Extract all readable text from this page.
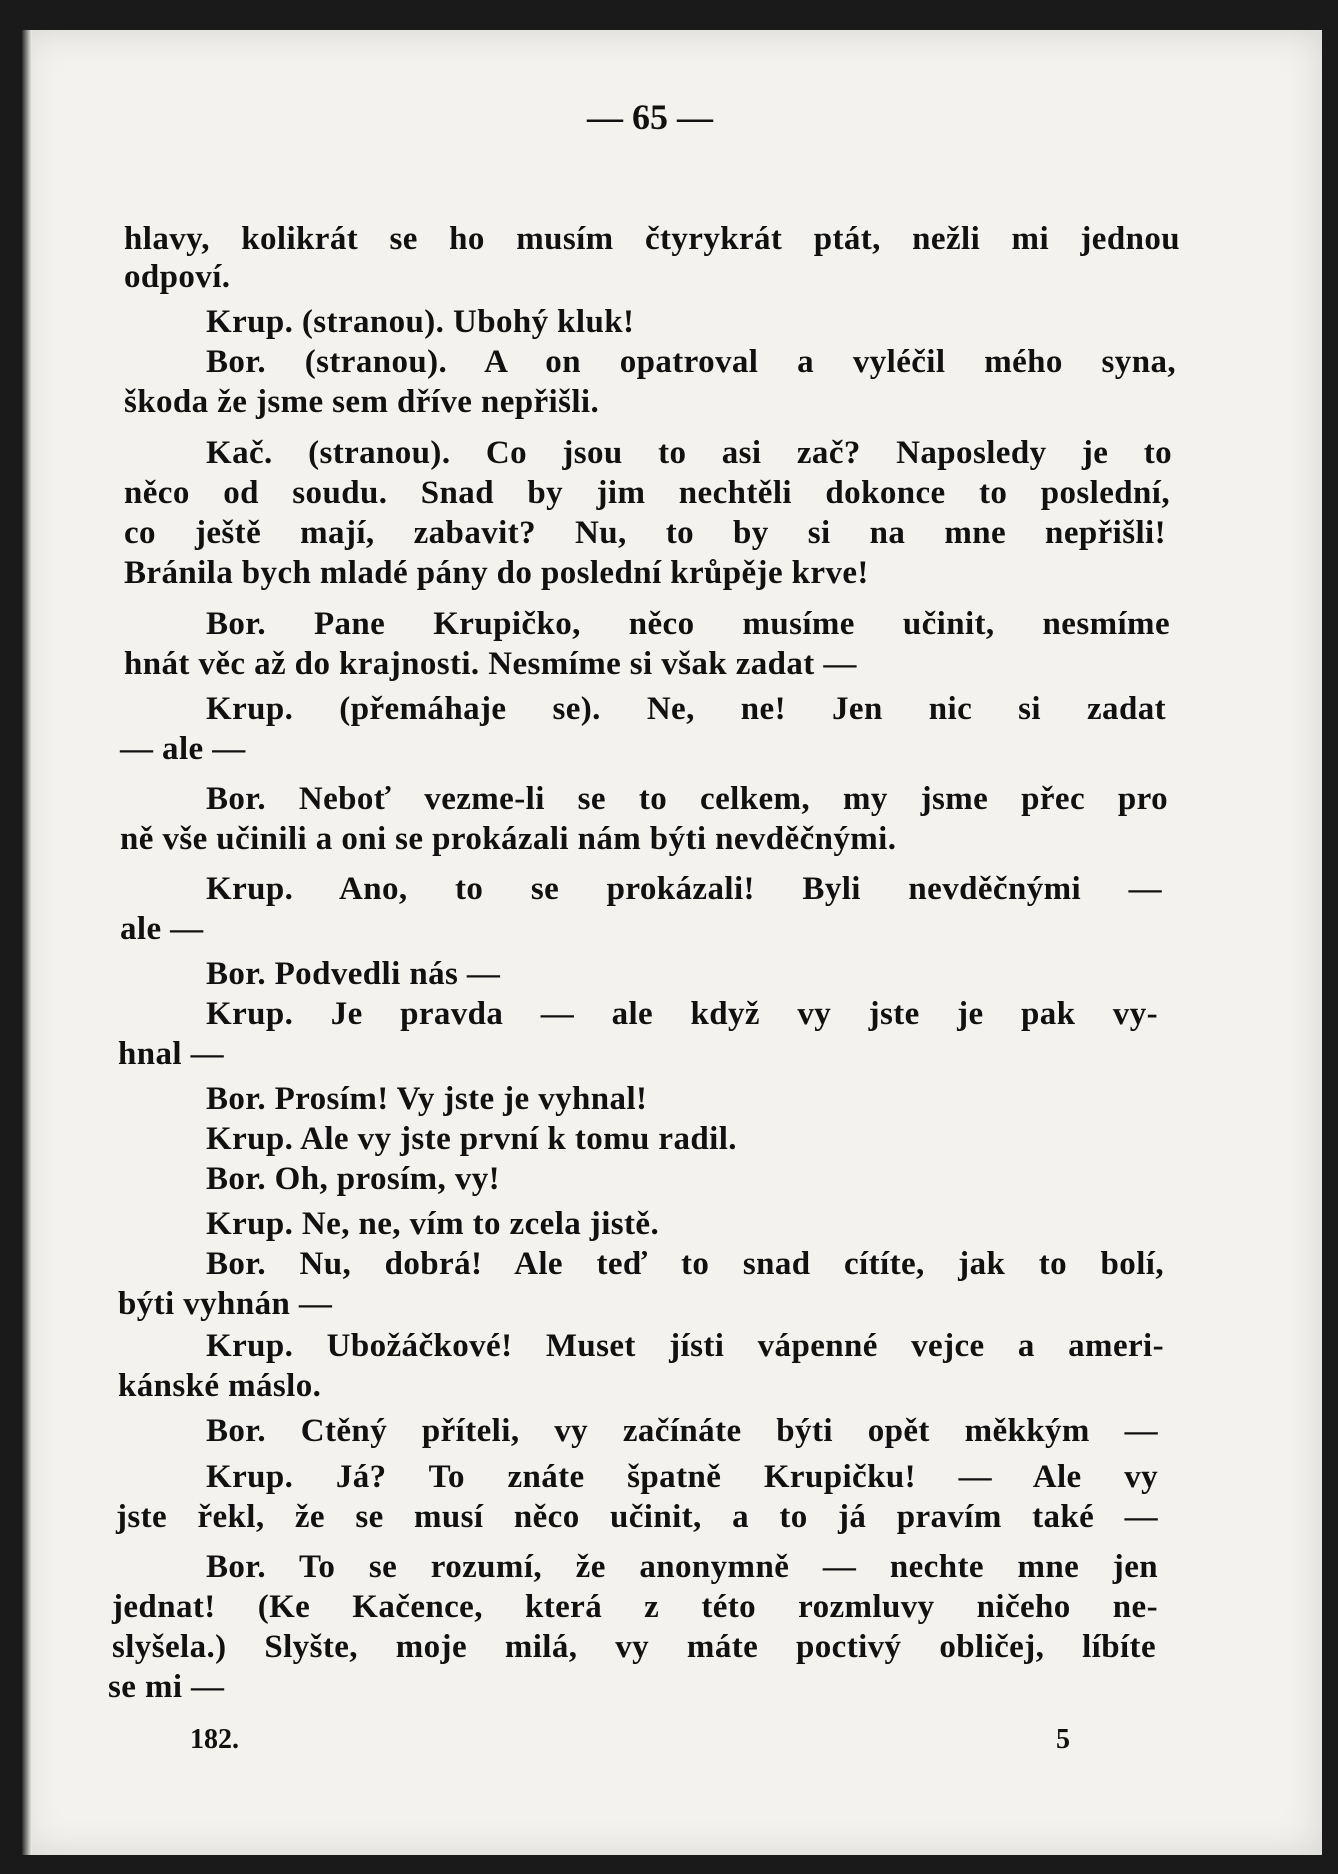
— 65 —
hlavy, kolikrát se ho musím čtyrykrát ptát, nežli mi jednou
odpoví.
Krup. (stranou). Ubohý kluk!
Bor. (stranou). A on opatroval a vyléčil mého syna,
škoda že jsme sem dříve nepřišli.
Kač. (stranou). Co jsou to asi zač? Naposledy je to
něco od soudu. Snad by jim nechtěli dokonce to poslední,
co ještě mají, zabavit? Nu, to by si na mne nepřišli!
Bránila bych mladé pány do poslední krůpěje krve!
Bor. Pane Krupičko, něco musíme učinit, nesmíme
hnát věc až do krajnosti. Nesmíme si však zadat —
Krup. (přemáhaje se). Ne, ne! Jen nic si zadat
— ale —
Bor. Neboť vezme-li se to celkem, my jsme přec pro
ně vše učinili a oni se prokázali nám býti nevděčnými.
Krup. Ano, to se prokázali! Byli nevděčnými —
ale —
Bor. Podvedli nás —
Krup. Je pravda — ale když vy jste je pak vy-
hnal —
Bor. Prosím! Vy jste je vyhnal!
Krup. Ale vy jste první k tomu radil.
Bor. Oh, prosím, vy!
Krup. Ne, ne, vím to zcela jistě.
Bor. Nu, dobrá! Ale teď to snad cítíte, jak to bolí,
býti vyhnán —
Krup. Ubožáčkové! Muset jísti vápenné vejce a ameri-
kánské máslo.
Bor. Ctěný příteli, vy začínáte býti opět měkkým —
Krup. Já? To znáte špatně Krupičku! — Ale vy
jste řekl, že se musí něco učinit, a to já pravím také —
Bor. To se rozumí, že anonymně — nechte mne jen
jednat! (Ke Kačence, která z této rozmluvy ničeho ne-
slyšela.) Slyšte, moje milá, vy máte poctivý obličej, líbíte
se mi —
182.	5
